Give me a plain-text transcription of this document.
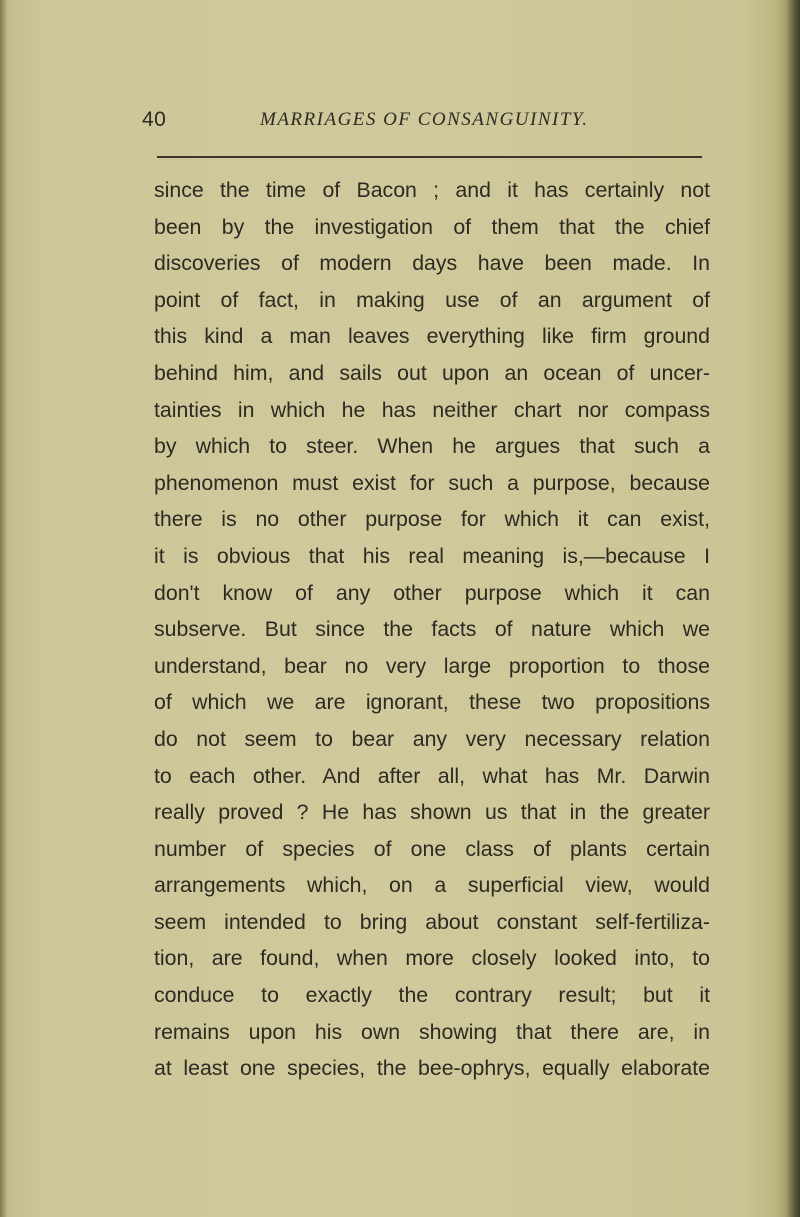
40	MARRIAGES OF CONSANGUINITY.
since the time of Bacon ; and it has certainly not
been by the investigation of them that the chief
discoveries of modern days have been made. In
point of fact, in making use of an argument of
this kind a man leaves everything like firm ground
behind him, and sails out upon an ocean of uncer-
tainties in which he has neither chart nor compass
by which to steer. When he argues that such a
phenomenon must exist for such a purpose, because
there is no other purpose for which it can exist,
it is obvious that his real meaning is,—because I
don't know of any other purpose which it can
subserve. But since the facts of nature which we
understand, bear no very large proportion to those
of which we are ignorant, these two propositions
do not seem to bear any very necessary relation
to each other. And after all, what has Mr. Darwin
really proved ? He has shown us that in the greater
number of species of one class of plants certain
arrangements which, on a superficial view, would
seem intended to bring about constant self-fertiliza-
tion, are found, when more closely looked into, to
conduce to exactly the contrary result; but it
remains upon his own showing that there are, in
at least one species, the bee-ophrys, equally elaborate
